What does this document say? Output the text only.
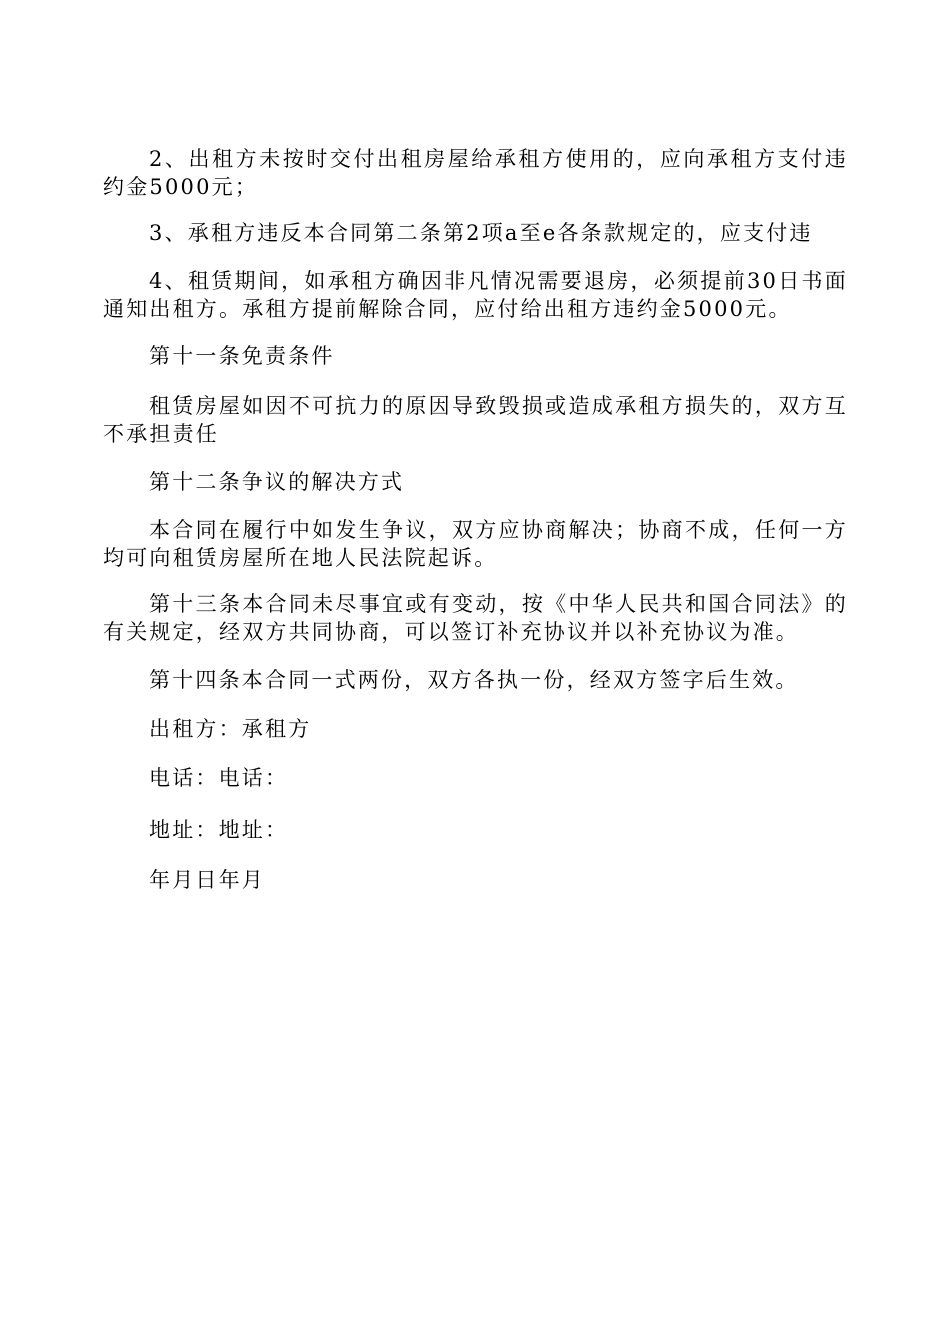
2、出租方未按时交付出租房屋给承租方使用的，应向承租方支付违约金5000元；

3、承租方违反本合同第二条第2项a至e各条款规定的，应支付违

4、租赁期间，如承租方确因非凡情况需要退房，必须提前30日书面通知出租方。承租方提前解除合同，应付给出租方违约金5000元。

第十一条免责条件

租赁房屋如因不可抗力的原因导致毁损或造成承租方损失的，双方互不承担责任

第十二条争议的解决方式

本合同在履行中如发生争议，双方应协商解决；协商不成，任何一方均可向租赁房屋所在地人民法院起诉。

第十三条本合同未尽事宜或有变动，按《中华人民共和国合同法》的有关规定，经双方共同协商，可以签订补充协议并以补充协议为准。

第十四条本合同一式两份，双方各执一份，经双方签字后生效。

出租方：承租方

电话：电话：

地址：地址：

年月日年月
